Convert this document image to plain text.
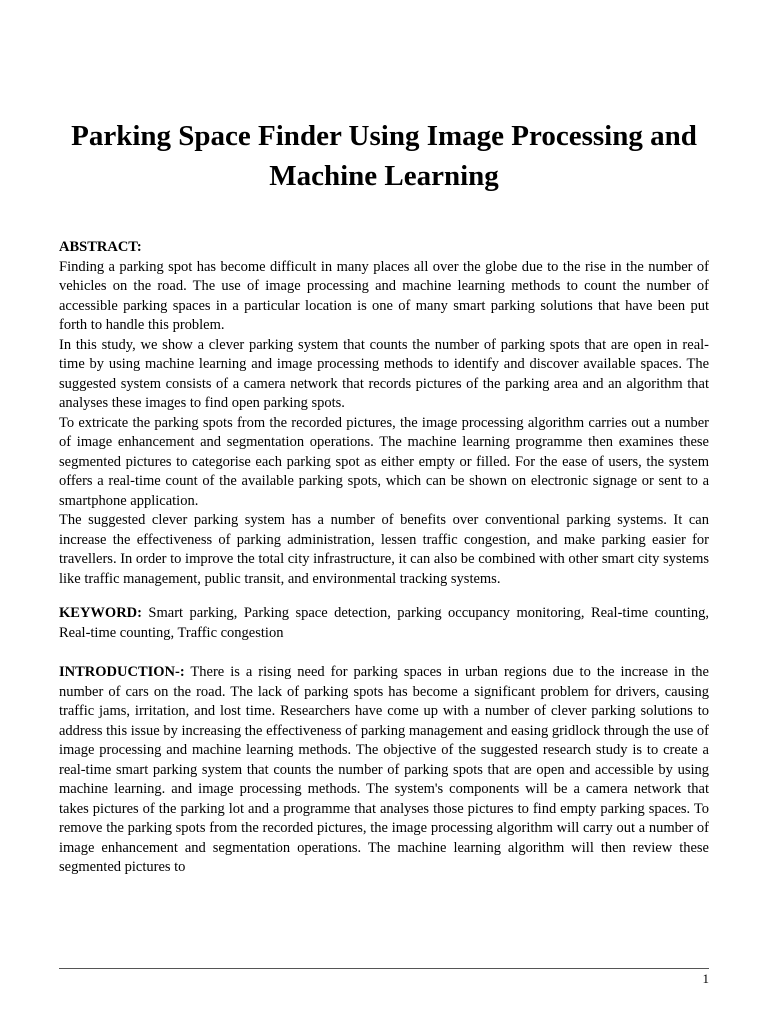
Parking Space Finder Using Image Processing and Machine Learning
ABSTRACT:

Finding a parking spot has become difficult in many places all over the globe due to the rise in the number of vehicles on the road. The use of image processing and machine learning methods to count the number of accessible parking spaces in a particular location is one of many smart parking solutions that have been put forth to handle this problem.

In this study, we show a clever parking system that counts the number of parking spots that are open in real-time by using machine learning and image processing methods to identify and discover available spaces. The suggested system consists of a camera network that records pictures of the parking area and an algorithm that analyses these images to find open parking spots.

To extricate the parking spots from the recorded pictures, the image processing algorithm carries out a number of image enhancement and segmentation operations. The machine learning programme then examines these segmented pictures to categorise each parking spot as either empty or filled. For the ease of users, the system offers a real-time count of the available parking spots, which can be shown on electronic signage or sent to a smartphone application.

The suggested clever parking system has a number of benefits over conventional parking systems. It can increase the effectiveness of parking administration, lessen traffic congestion, and make parking easier for travellers. In order to improve the total city infrastructure, it can also be combined with other smart city systems like traffic management, public transit, and environmental tracking systems.

KEYWORD: Smart parking, Parking space detection, parking occupancy monitoring, Real-time counting, Real-time counting, Traffic congestion

INTRODUCTION-: There is a rising need for parking spaces in urban regions due to the increase in the number of cars on the road. The lack of parking spots has become a significant problem for drivers, causing traffic jams, irritation, and lost time. Researchers have come up with a number of clever parking solutions to address this issue by increasing the effectiveness of parking management and easing gridlock through the use of image processing and machine learning methods. The objective of the suggested research study is to create a real-time smart parking system that counts the number of parking spots that are open and accessible by using machine learning. and image processing methods. The system's components will be a camera network that takes pictures of the parking lot and a programme that analyses those pictures to find empty parking spaces. To remove the parking spots from the recorded pictures, the image processing algorithm will carry out a number of image enhancement and segmentation operations. The machine learning algorithm will then review these segmented pictures to

1
